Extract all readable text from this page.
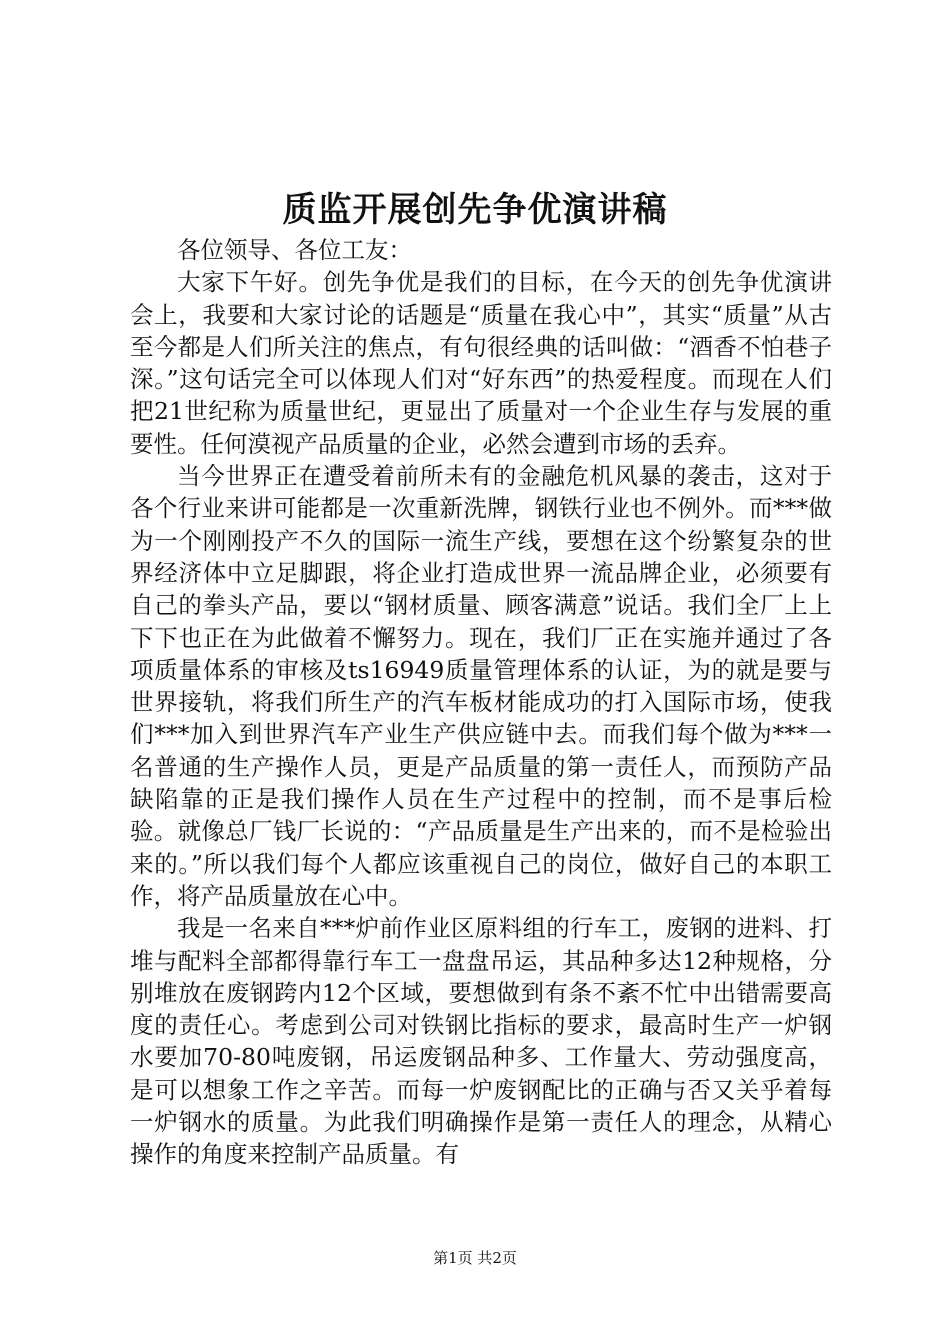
质监开展创先争优演讲稿

各位领导、各位工友：

大家下午好。创先争优是我们的目标，在今天的创先争优演讲会上，我要和大家讨论的话题是“质量在我心中”，其实“质量”从古至今都是人们所关注的焦点，有句很经典的话叫做：“酒香不怕巷子深。”这句话完全可以体现人们对“好东西”的热爱程度。而现在人们把21世纪称为质量世纪，更显出了质量对一个企业生存与发展的重要性。任何漠视产品质量的企业，必然会遭到市场的丢弃。

当今世界正在遭受着前所未有的金融危机风暴的袭击，这对于各个行业来讲可能都是一次重新洗牌，钢铁行业也不例外。而***做为一个刚刚投产不久的国际一流生产线，要想在这个纷繁复杂的世界经济体中立足脚跟，将企业打造成世界一流品牌企业，必须要有自己的拳头产品，要以“钢材质量、顾客满意”说话。我们全厂上上下下也正在为此做着不懈努力。现在，我们厂正在实施并通过了各项质量体系的审核及ts16949质量管理体系的认证，为的就是要与世界接轨，将我们所生产的汽车板材能成功的打入国际市场，使我们***加入到世界汽车产业生产供应链中去。而我们每个做为***一名普通的生产操作人员，更是产品质量的第一责任人，而预防产品缺陷靠的正是我们操作人员在生产过程中的控制，而不是事后检验。就像总厂钱厂长说的：“产品质量是生产出来的，而不是检验出来的。”所以我们每个人都应该重视自己的岗位，做好自己的本职工作，将产品质量放在心中。

我是一名来自***炉前作业区原料组的行车工，废钢的进料、打堆与配料全部都得靠行车工一盘盘吊运，其品种多达12种规格，分别堆放在废钢跨内12个区域，要想做到有条不紊不忙中出错需要高度的责任心。考虑到公司对铁钢比指标的要求，最高时生产一炉钢水要加70-80吨废钢，吊运废钢品种多、工作量大、劳动强度高，是可以想象工作之辛苦。而每一炉废钢配比的正确与否又关乎着每一炉钢水的质量。为此我们明确操作是第一责任人的理念，从精心操作的角度来控制产品质量。有

第1页 共2页
